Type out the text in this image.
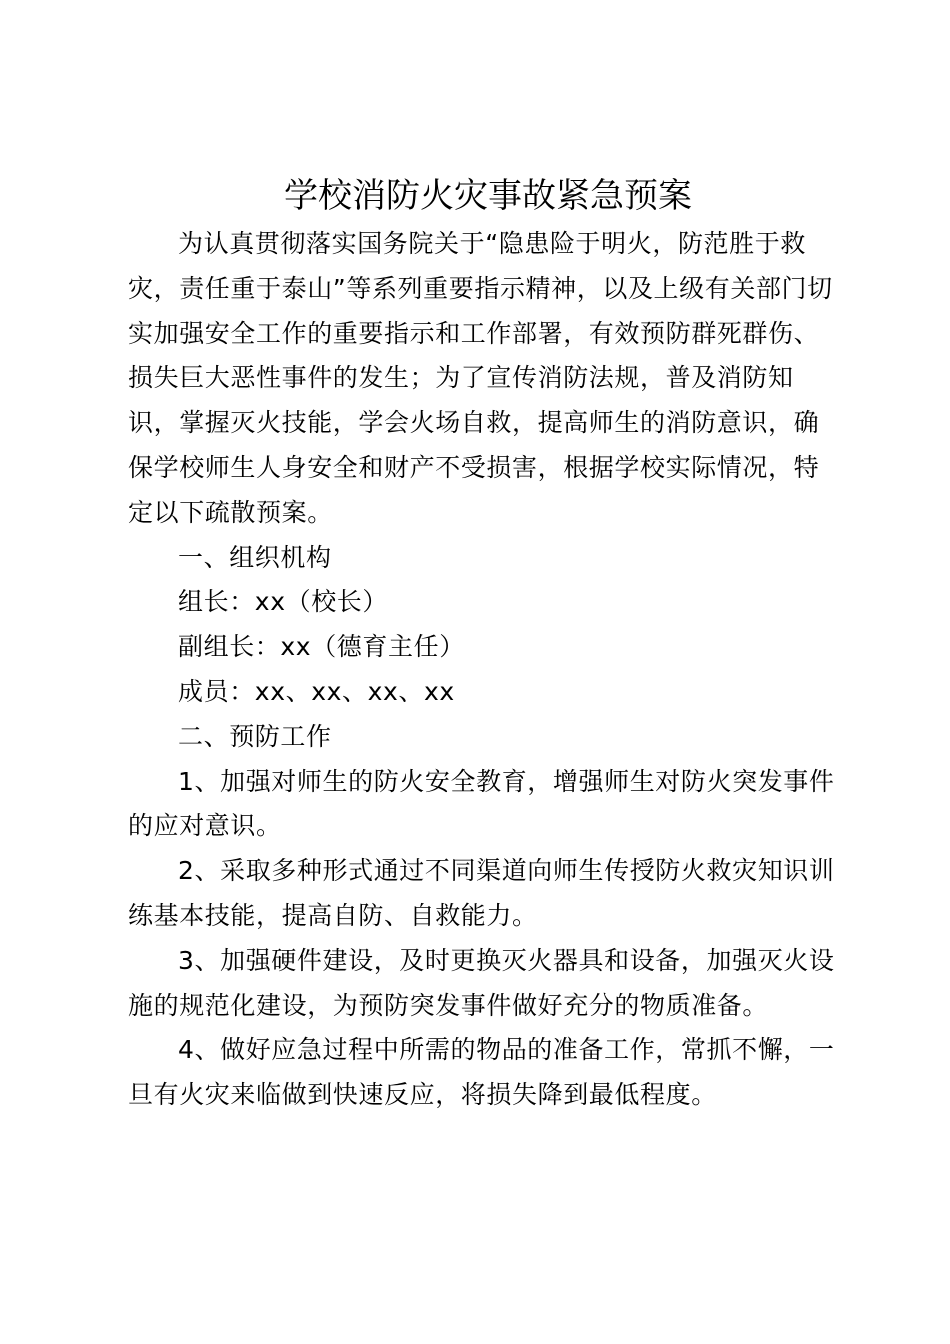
学校消防火灾事故紧急预案

为认真贯彻落实国务院关于“隐患险于明火，防范胜于救灾，责任重于泰山”等系列重要指示精神，以及上级有关部门切实加强安全工作的重要指示和工作部署，有效预防群死群伤、损失巨大恶性事件的发生；为了宣传消防法规，普及消防知识，掌握灭火技能，学会火场自救，提高师生的消防意识，确保学校师生人身安全和财产不受损害，根据学校实际情况，特定以下疏散预案。

一、组织机构

组长：xx（校长）

副组长：xx（德育主任）

成员：xx、xx、xx、xx

二、预防工作

1、加强对师生的防火安全教育，增强师生对防火突发事件的应对意识。

2、采取多种形式通过不同渠道向师生传授防火救灾知识训练基本技能，提高自防、自救能力。

3、加强硬件建设，及时更换灭火器具和设备，加强灭火设施的规范化建设，为预防突发事件做好充分的物质准备。

4、做好应急过程中所需的物品的准备工作，常抓不懈，一旦有火灾来临做到快速反应，将损失降到最低程度。
